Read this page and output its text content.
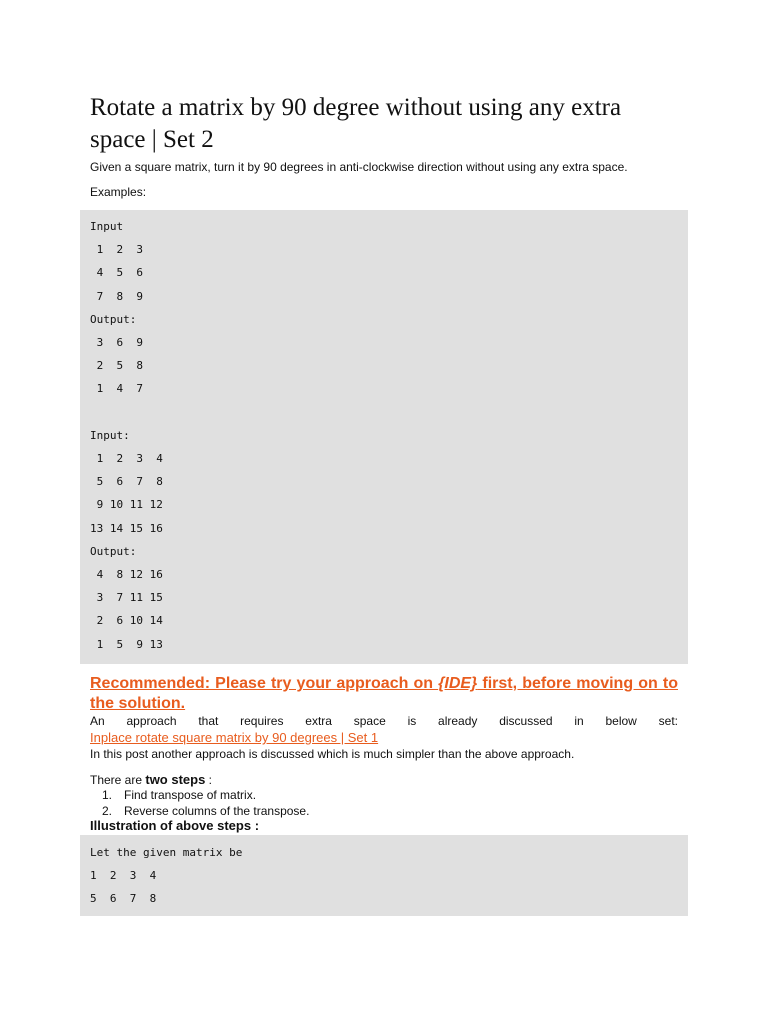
Rotate a matrix by 90 degree without using any extra space | Set 2
Given a square matrix, turn it by 90 degrees in anti-clockwise direction without using any extra space.
Examples:
Input
1  2  3
4  5  6
7  8  9
Output:
3  6  9
2  5  8
1  4  7

Input:
1  2  3  4
5  6  7  8
9 10 11 12
13 14 15 16
Output:
4  8 12 16
3  7 11 15
2  6 10 14
1  5  9 13
Recommended: Please try your approach on {IDE} first, before moving on to the solution.
An approach that requires extra space is already discussed in below set:
Inplace rotate square matrix by 90 degrees | Set 1
In this post another approach is discussed which is much simpler than the above approach.
There are two steps :
1. Find transpose of matrix.
2. Reverse columns of the transpose.
Illustration of above steps :
Let the given matrix be
1  2  3  4
5  6  7  8
